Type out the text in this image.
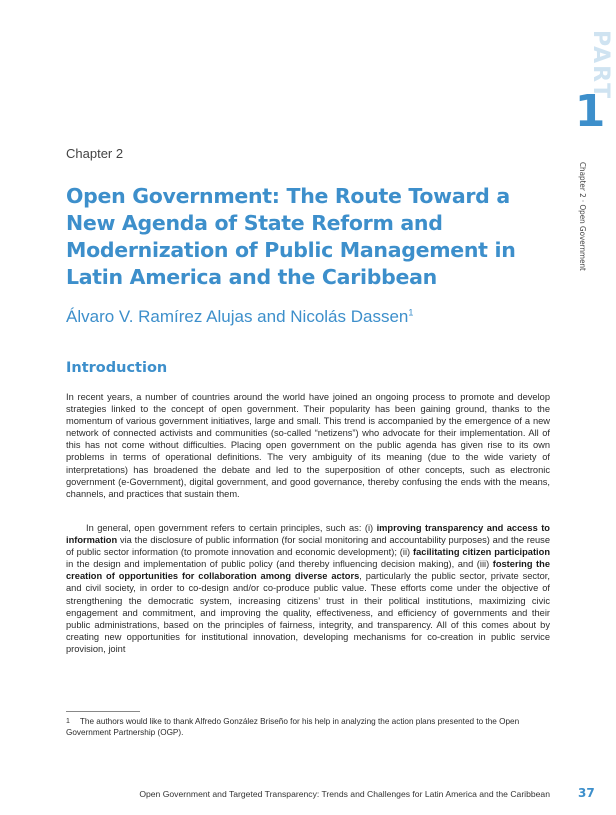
PART
1
Chapter 2 · Open Government
Chapter 2
Open Government: The Route Toward a New Agenda of State Reform and Modernization of Public Management in Latin America and the Caribbean
Álvaro V. Ramírez Alujas and Nicolás Dassen$^1$
Introduction

In recent years, a number of countries around the world have joined an ongoing process to promote and develop strategies linked to the concept of open government. Their popularity has been gaining ground, thanks to the momentum of various government initiatives, large and small. This trend is accompanied by the emergence of a new network of connected activists and communities (so-called “netizens”) who advocate for their implementation. All of this has not come without difficulties. Placing open government on the public agenda has given rise to its own problems in terms of operational definitions. The very ambiguity of its meaning (due to the wide variety of interpretations) has broadened the debate and led to the superposition of other concepts, such as electronic government (e-Government), digital government, and good governance, thereby confusing the ends with the means, channels, and practices that sustain them.

In general, open government refers to certain principles, such as: (i) improving transparency and access to information via the disclosure of public information (for social monitoring and accountability purposes) and the reuse of public sector information (to promote innovation and economic development); (ii) facilitating citizen participation in the design and implementation of public policy (and thereby influencing decision making), and (iii) fostering the creation of opportunities for collaboration among diverse actors, particularly the public sector, private sector, and civil society, in order to co-design and/or co-produce public value. These efforts come under the objective of strengthening the democratic system, increasing citizens’ trust in their political institutions, maximizing civic engagement and commitment, and improving the quality, effectiveness, and efficiency of governments and their public administrations, based on the principles of fairness, integrity, and transparency. All of this comes about by creating new opportunities for institutional innovation, developing mechanisms for co-creation in public service provision, joint

1 The authors would like to thank Alfredo González Briseño for his help in analyzing the action plans presented to the Open Government Partnership (OGP).

Open Government and Targeted Transparency: Trends and Challenges for Latin America and the Caribbean 37
